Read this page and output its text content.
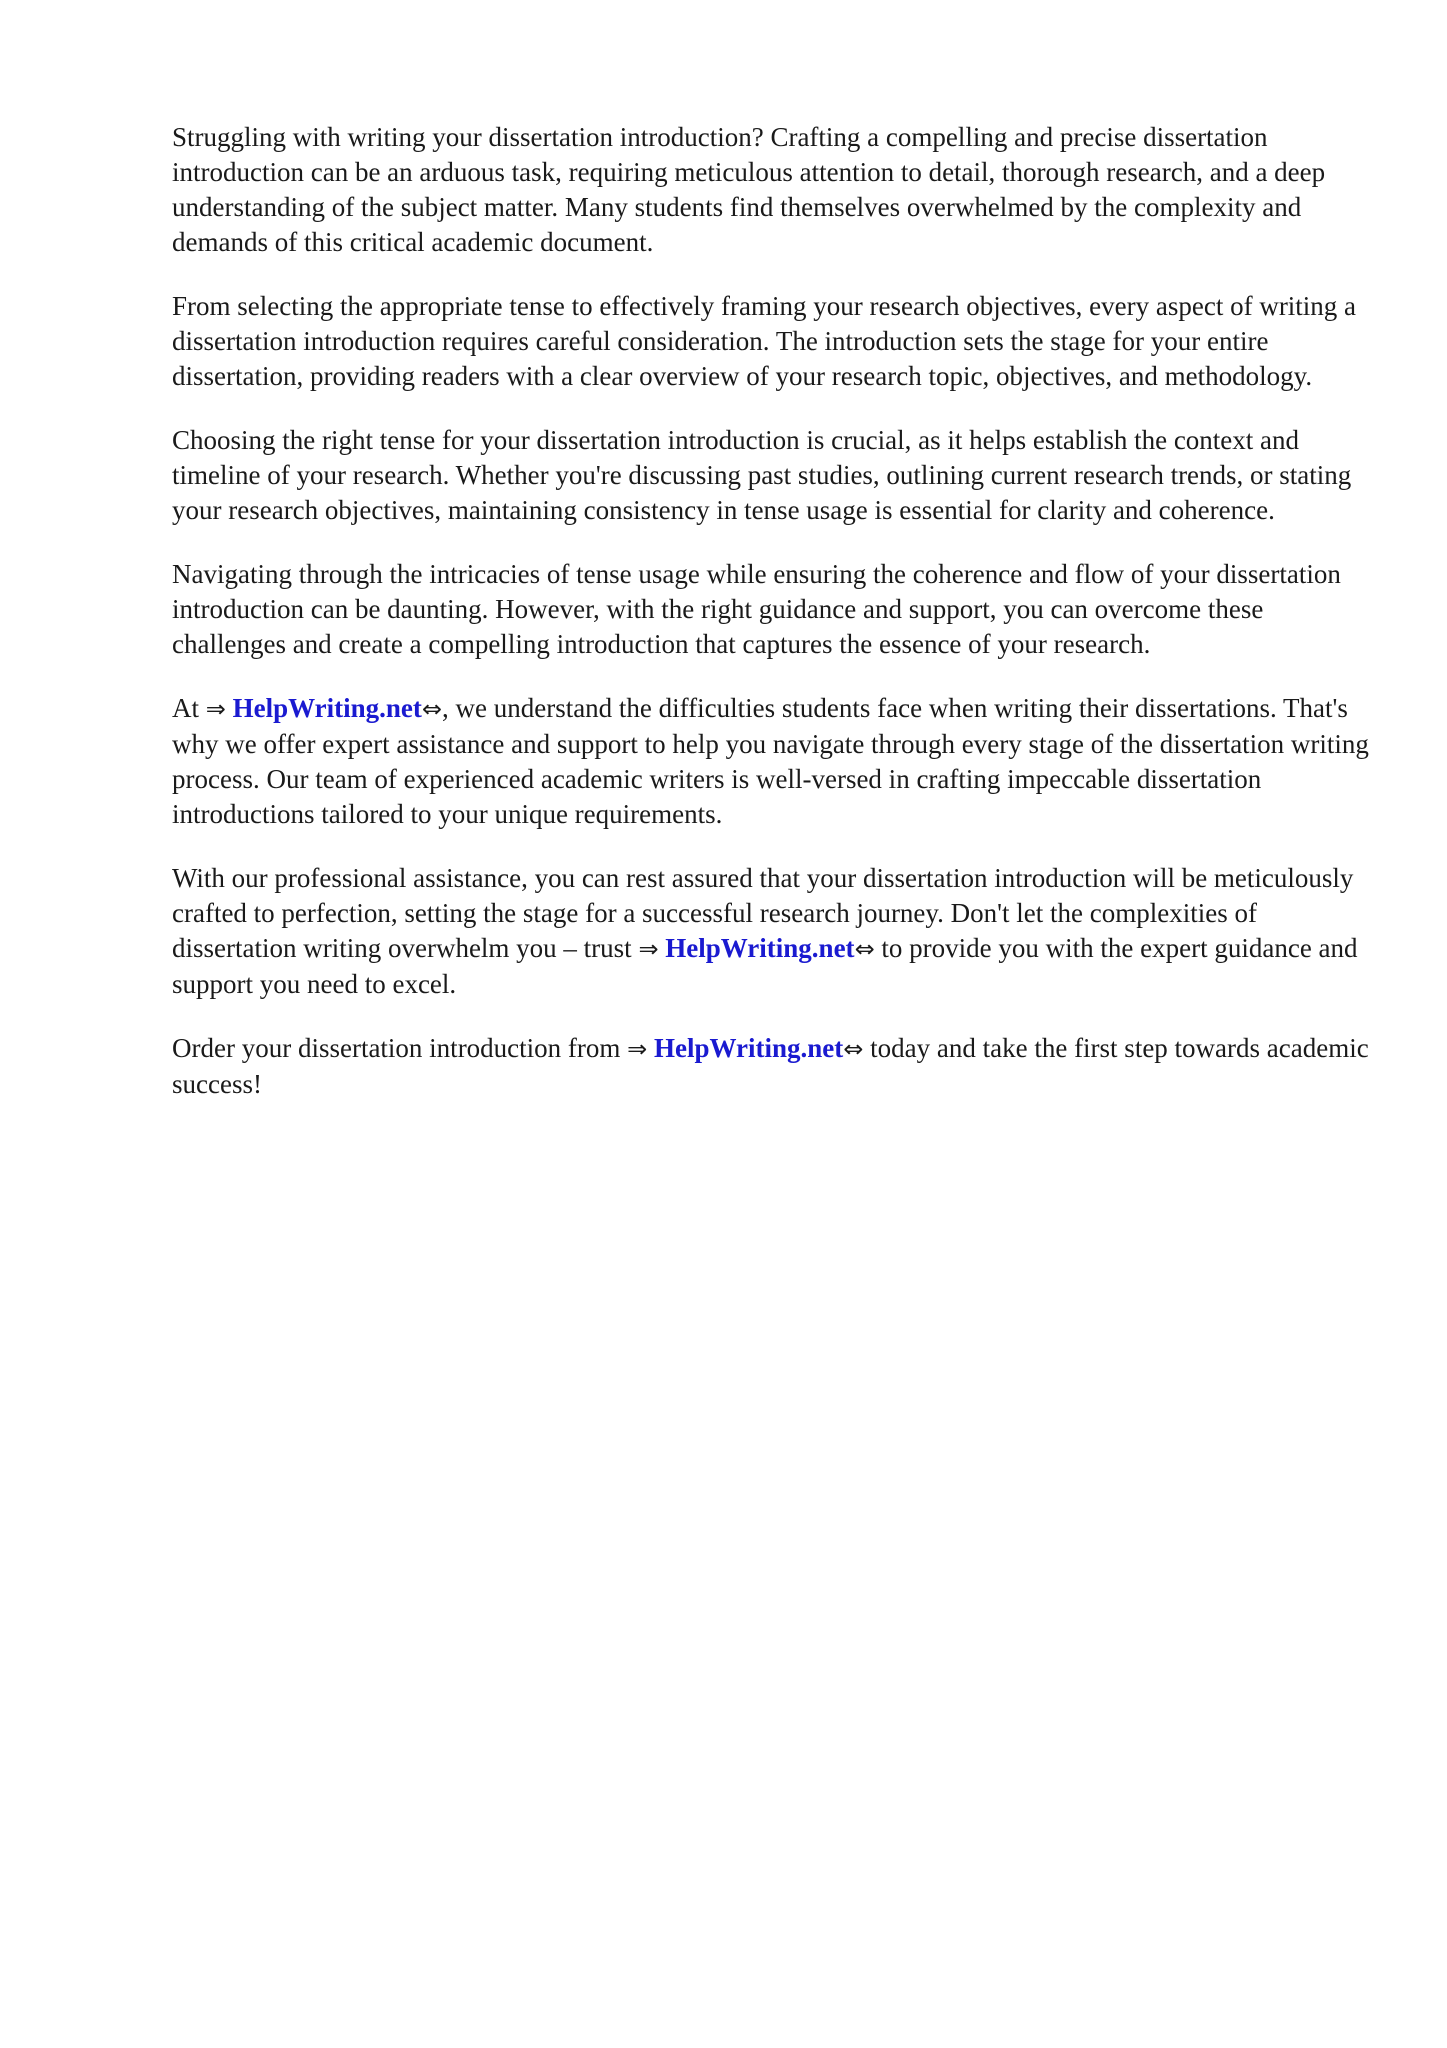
Struggling with writing your dissertation introduction? Crafting a compelling and precise dissertation introduction can be an arduous task, requiring meticulous attention to detail, thorough research, and a deep understanding of the subject matter. Many students find themselves overwhelmed by the complexity and demands of this critical academic document.

From selecting the appropriate tense to effectively framing your research objectives, every aspect of writing a dissertation introduction requires careful consideration. The introduction sets the stage for your entire dissertation, providing readers with a clear overview of your research topic, objectives, and methodology.

Choosing the right tense for your dissertation introduction is crucial, as it helps establish the context and timeline of your research. Whether you're discussing past studies, outlining current research trends, or stating your research objectives, maintaining consistency in tense usage is essential for clarity and coherence.

Navigating through the intricacies of tense usage while ensuring the coherence and flow of your dissertation introduction can be daunting. However, with the right guidance and support, you can overcome these challenges and create a compelling introduction that captures the essence of your research.

At ⇒ HelpWriting.net⇔, we understand the difficulties students face when writing their dissertations. That's why we offer expert assistance and support to help you navigate through every stage of the dissertation writing process. Our team of experienced academic writers is well-versed in crafting impeccable dissertation introductions tailored to your unique requirements.

With our professional assistance, you can rest assured that your dissertation introduction will be meticulously crafted to perfection, setting the stage for a successful research journey. Don't let the complexities of dissertation writing overwhelm you – trust ⇒ HelpWriting.net⇔ to provide you with the expert guidance and support you need to excel.

Order your dissertation introduction from ⇒ HelpWriting.net⇔ today and take the first step towards academic success!
